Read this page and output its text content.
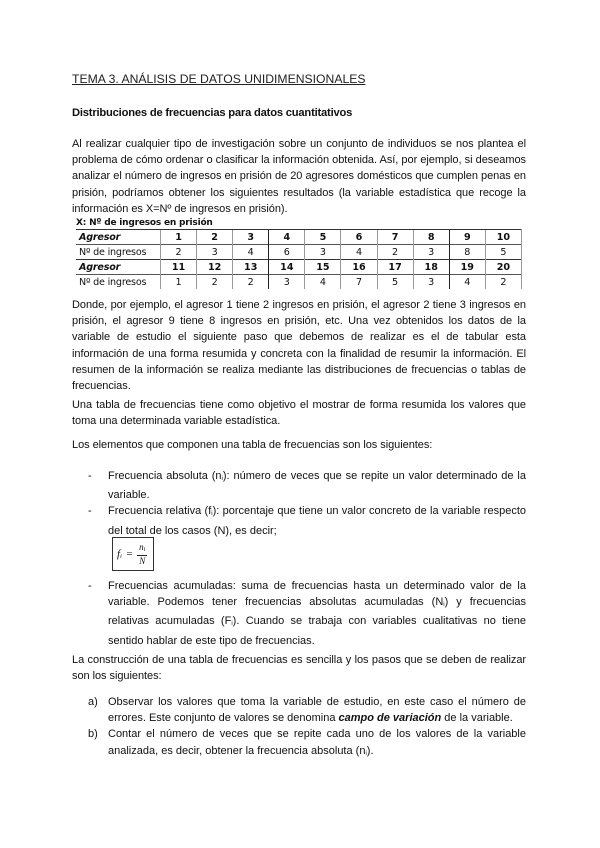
TEMA 3. ANÁLISIS DE DATOS UNIDIMENSIONALES
Distribuciones de frecuencias para datos cuantitativos
Al realizar cualquier tipo de investigación sobre un conjunto de individuos se nos plantea el problema de cómo ordenar o clasificar la información obtenida. Así, por ejemplo, si deseamos analizar el número de ingresos en prisión de 20 agresores domésticos que cumplen penas en prisión, podríamos obtener los siguientes resultados (la variable estadística que recoge la información es X=Nº de ingresos en prisión).
X: Nº de ingresos en prisión
Agresor	1	2	3	4	5	6	7	8	9	10
Nº de ingresos	2	3	4	6	3	4	2	3	8	5
Agresor	11	12	13	14	15	16	17	18	19	20
Nº de ingresos	1	2	2	3	4	7	5	3	4	2
Donde, por ejemplo, el agresor 1 tiene 2 ingresos en prisión, el agresor 2 tiene 3 ingresos en prisión, el agresor 9 tiene 8 ingresos en prisión, etc. Una vez obtenidos los datos de la variable de estudio el siguiente paso que debemos de realizar es el de tabular esta información de una forma resumida y concreta con la finalidad de resumir la información. El resumen de la información se realiza mediante las distribuciones de frecuencias o tablas de frecuencias.
Una tabla de frecuencias tiene como objetivo el mostrar de forma resumida los valores que toma una determinada variable estadística.
Los elementos que componen una tabla de frecuencias son los siguientes:
- Frecuencia absoluta $(n_i)$: número de veces que se repite un valor determinado de la variable.
- Frecuencia relativa $(f_i)$: porcentaje que tiene un valor concreto de la variable respecto del total de los casos (N), es decir;
$f_i = \frac{n_i}{N}$
- Frecuencias acumuladas: suma de frecuencias hasta un determinado valor de la variable. Podemos tener frecuencias absolutas acumuladas $(N_i)$ y frecuencias relativas acumuladas $(F_i)$. Cuando se trabaja con variables cualitativas no tiene sentido hablar de este tipo de frecuencias.
La construcción de una tabla de frecuencias es sencilla y los pasos que se deben de realizar son los siguientes:
a) Observar los valores que toma la variable de estudio, en este caso el número de errores. Este conjunto de valores se denomina campo de variación de la variable.
b) Contar el número de veces que se repite cada uno de los valores de la variable analizada, es decir, obtener la frecuencia absoluta $(n_i)$.
